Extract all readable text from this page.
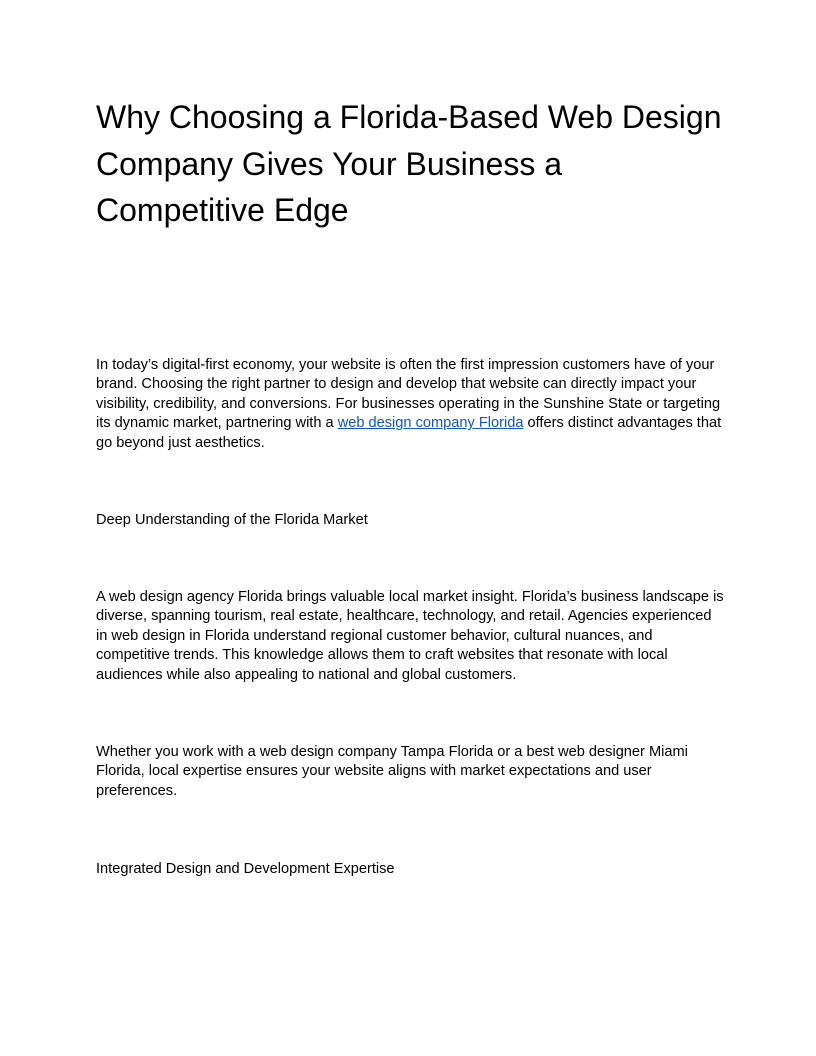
Why Choosing a Florida-Based Web Design Company Gives Your Business a Competitive Edge

In today’s digital-first economy, your website is often the first impression customers have of your brand. Choosing the right partner to design and develop that website can directly impact your visibility, credibility, and conversions. For businesses operating in the Sunshine State or targeting its dynamic market, partnering with a web design company Florida offers distinct advantages that go beyond just aesthetics.

Deep Understanding of the Florida Market

A web design agency Florida brings valuable local market insight. Florida’s business landscape is diverse, spanning tourism, real estate, healthcare, technology, and retail. Agencies experienced in web design in Florida understand regional customer behavior, cultural nuances, and competitive trends. This knowledge allows them to craft websites that resonate with local audiences while also appealing to national and global customers.

Whether you work with a web design company Tampa Florida or a best web designer Miami Florida, local expertise ensures your website aligns with market expectations and user preferences.

Integrated Design and Development Expertise
